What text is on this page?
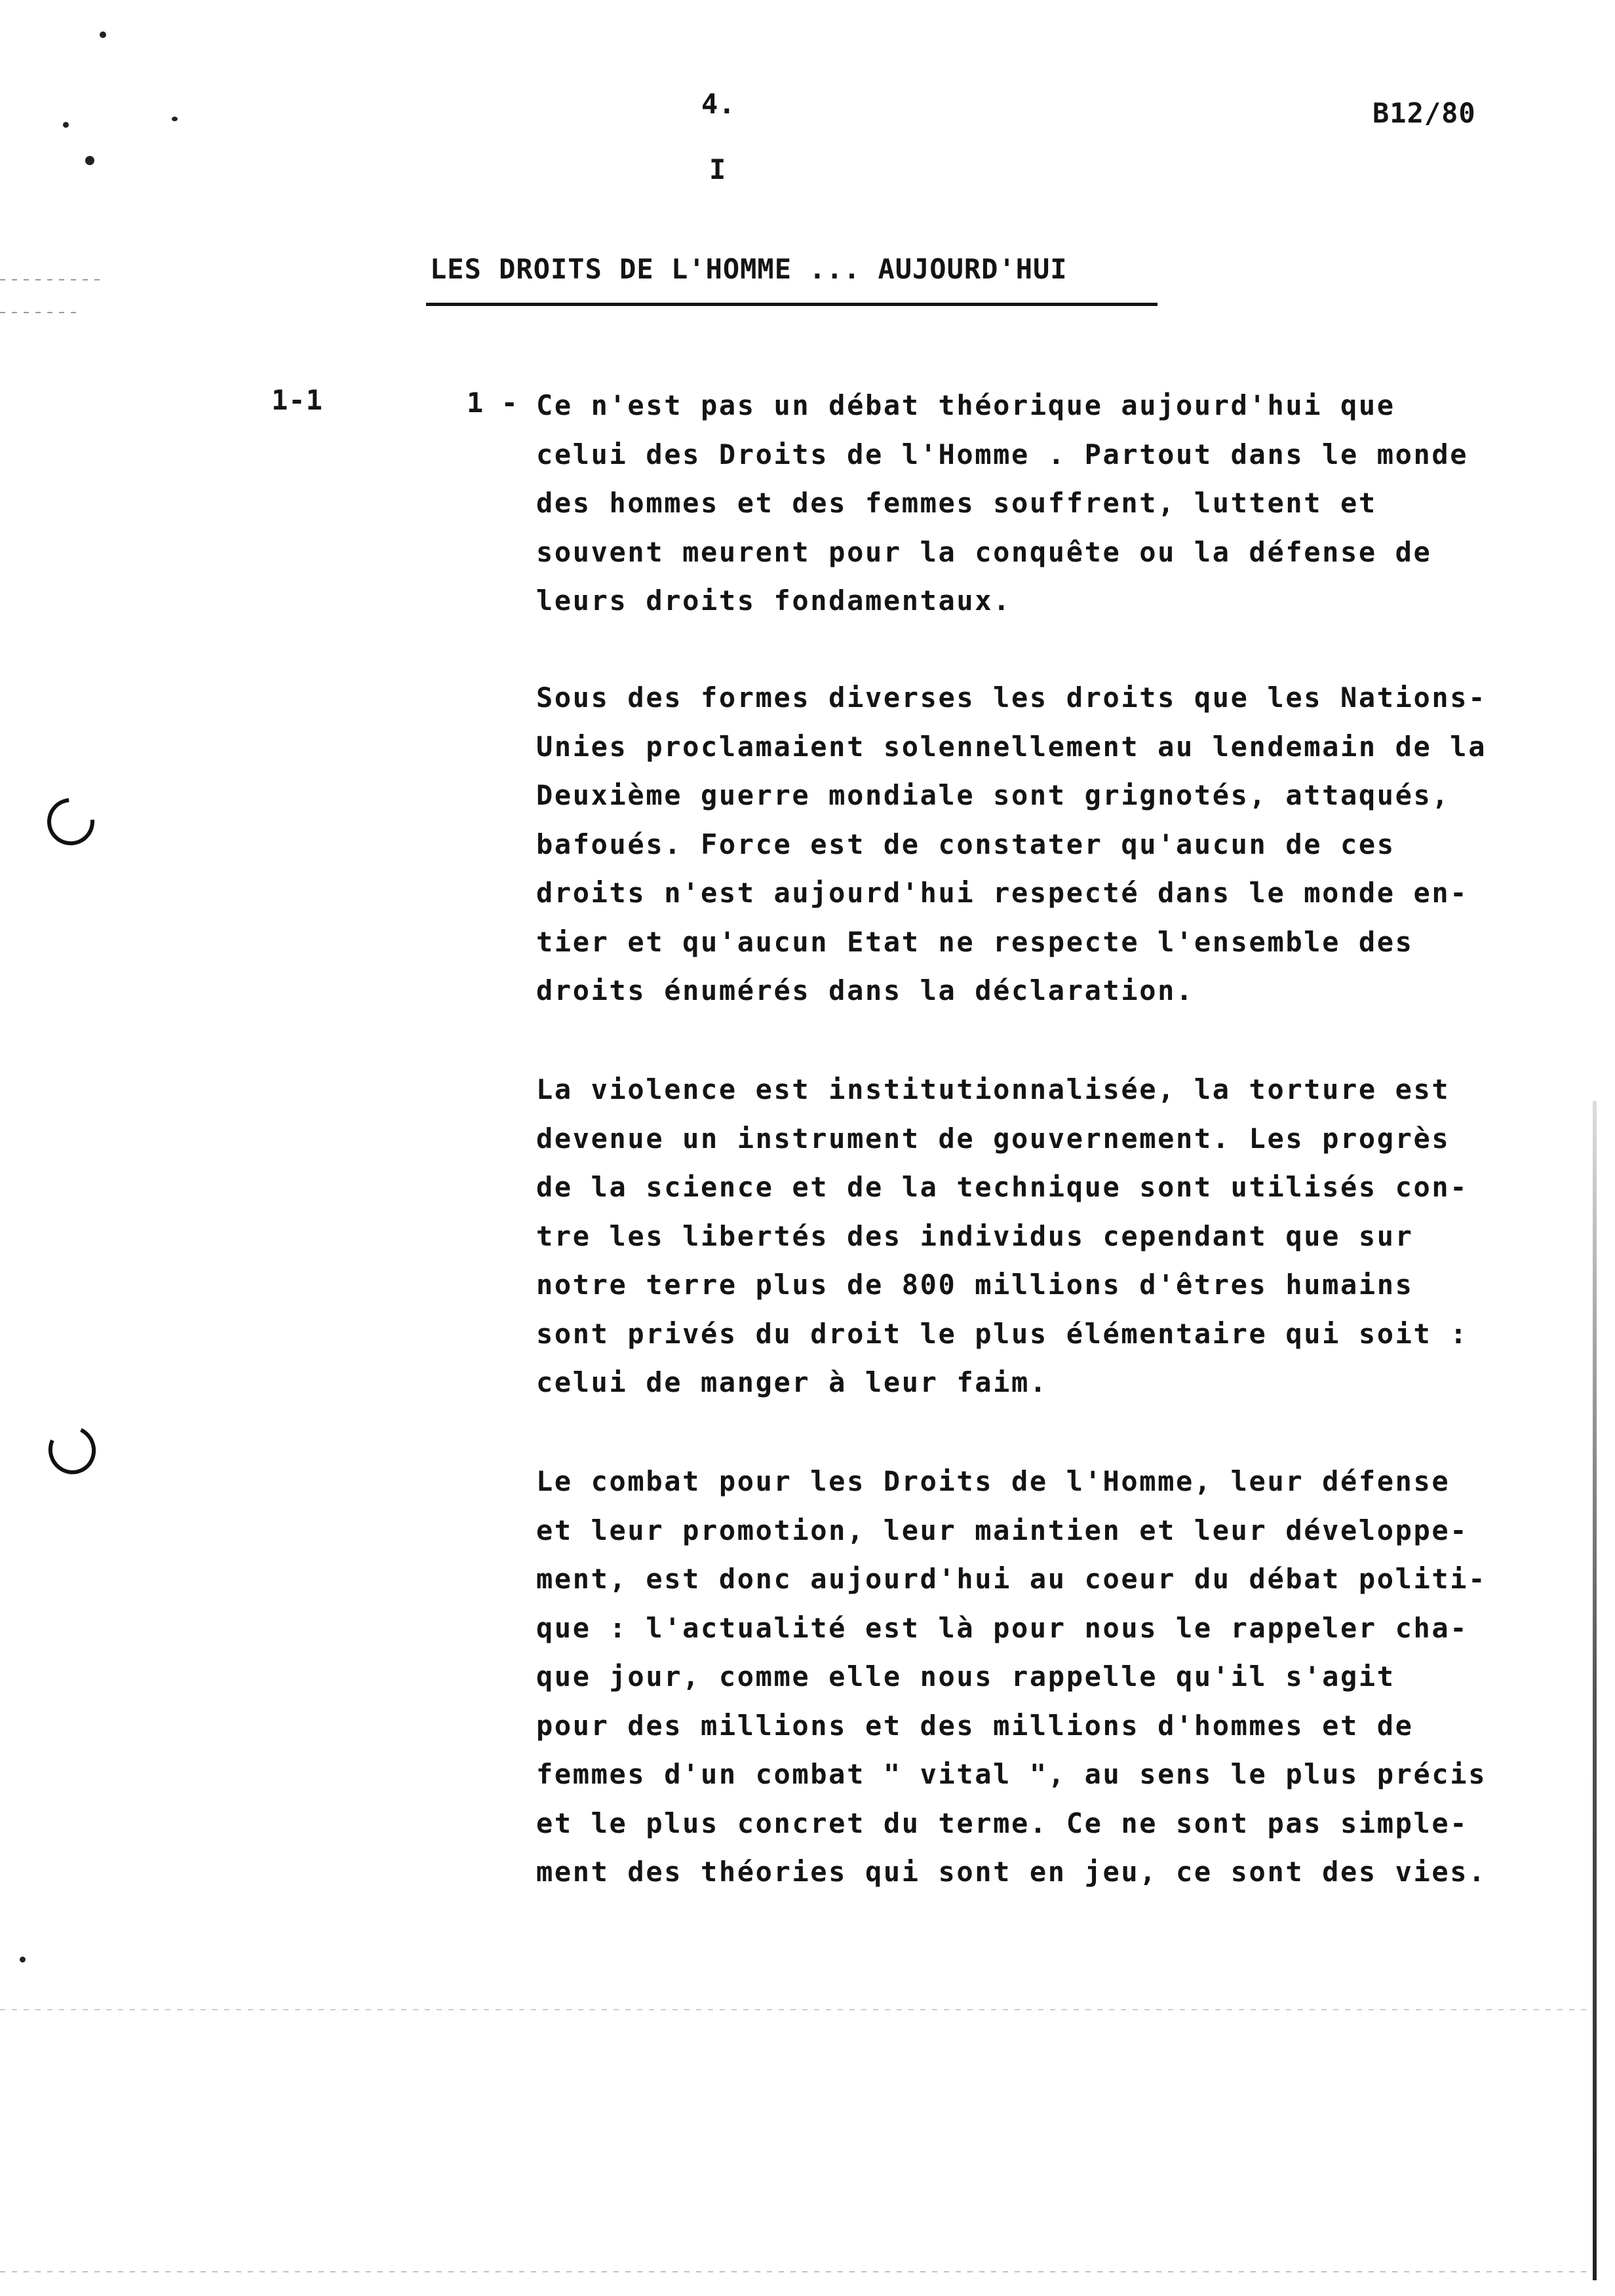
4.	B12/80
I
LES DROITS DE L'HOMME ... AUJOURD'HUI
1-1	1 - Ce n'est pas un débat théorique aujourd'hui que
celui des Droits de l'Homme . Partout dans le monde
des hommes et des femmes souffrent, luttent et
souvent meurent pour la conquête ou la défense de
leurs droits fondamentaux.
Sous des formes diverses les droits que les Nations-
Unies proclamaient solennellement au lendemain de la
Deuxième guerre mondiale sont grignotés, attaqués,
bafoués. Force est de constater qu'aucun de ces
droits n'est aujourd'hui respecté dans le monde en-
tier et qu'aucun Etat ne respecte l'ensemble des
droits énumérés dans la déclaration.
La violence est institutionnalisée, la torture est
devenue un instrument de gouvernement. Les progrès
de la science et de la technique sont utilisés con-
tre les libertés des individus cependant que sur
notre terre plus de 800 millions d'êtres humains
sont privés du droit le plus élémentaire qui soit :
celui de manger à leur faim.
Le combat pour les Droits de l'Homme, leur défense
et leur promotion, leur maintien et leur développe-
ment, est donc aujourd'hui au coeur du débat politi-
que : l'actualité est là pour nous le rappeler cha-
que jour, comme elle nous rappelle qu'il s'agit
pour des millions et des millions d'hommes et de
femmes d'un combat " vital ", au sens le plus précis
et le plus concret du terme. Ce ne sont pas simple-
ment des théories qui sont en jeu, ce sont des vies.
